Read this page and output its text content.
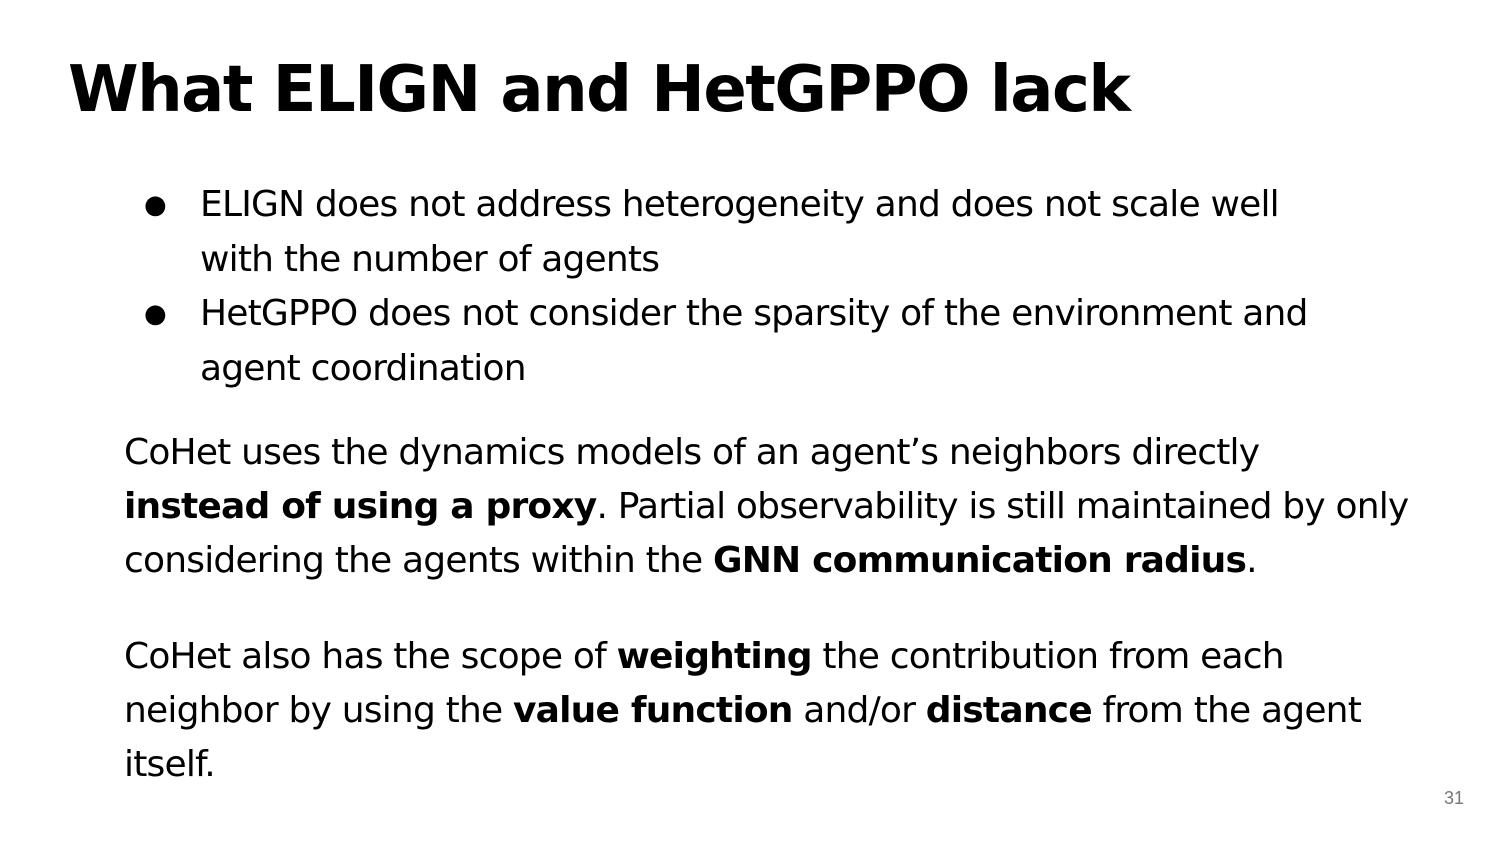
What ELIGN and HetGPPO lack
● ELIGN does not address heterogeneity and does not scale well with the number of agents
● HetGPPO does not consider the sparsity of the environment and agent coordination

CoHet uses the dynamics models of an agent’s neighbors directly instead of using a proxy. Partial observability is still maintained by only considering the agents within the GNN communication radius.

CoHet also has the scope of weighting the contribution from each neighbor by using the value function and/or distance from the agent itself.

31
